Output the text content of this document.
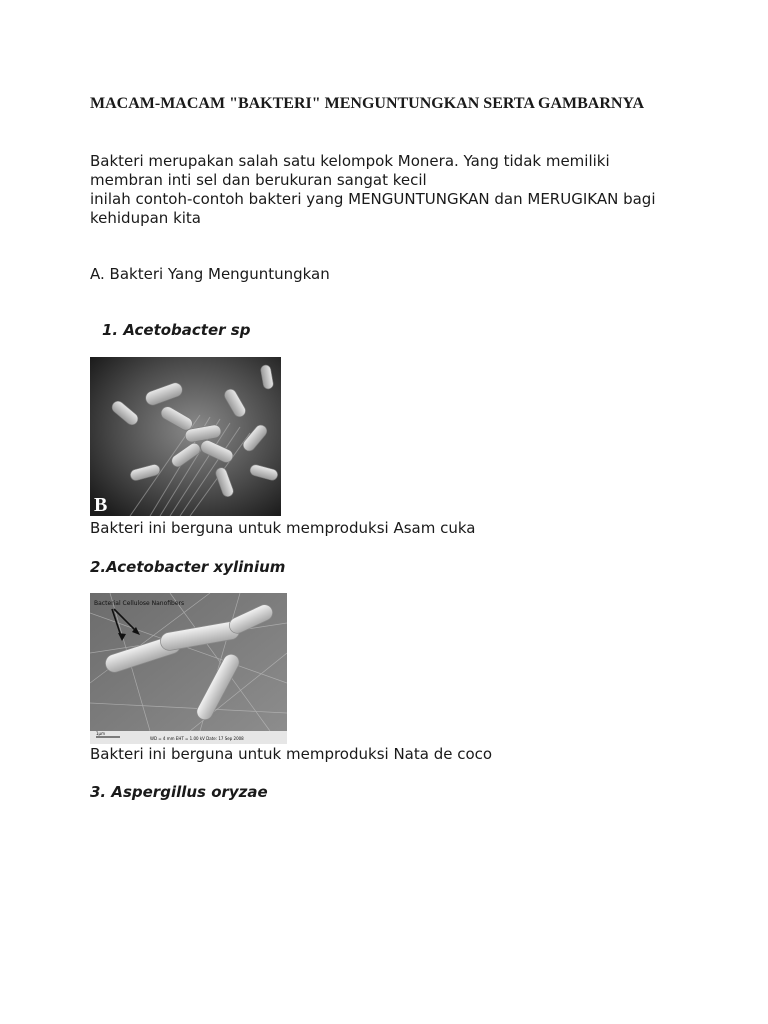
MACAM-MACAM "BAKTERI" MENGUNTUNGKAN SERTA GAMBARNYA

Bakteri merupakan salah satu kelompok Monera. Yang tidak memiliki
membran inti sel dan berukuran sangat kecil

inilah contoh-contoh bakteri yang MENGUNTUNGKAN dan MERUGIKAN bagi
kehidupan kita

A. Bakteri Yang Menguntungkan

1. Acetobacter sp

B

Bakteri ini berguna untuk memproduksi Asam cuka

2.Acetobacter xylinium

Bacterial Cellulose Nanofibers
1μm
WD = 4 mm EHT = 1.00 kV Date: 17 Sep 2008

Bakteri ini berguna untuk memproduksi Nata de coco

3. Aspergillus oryzae
